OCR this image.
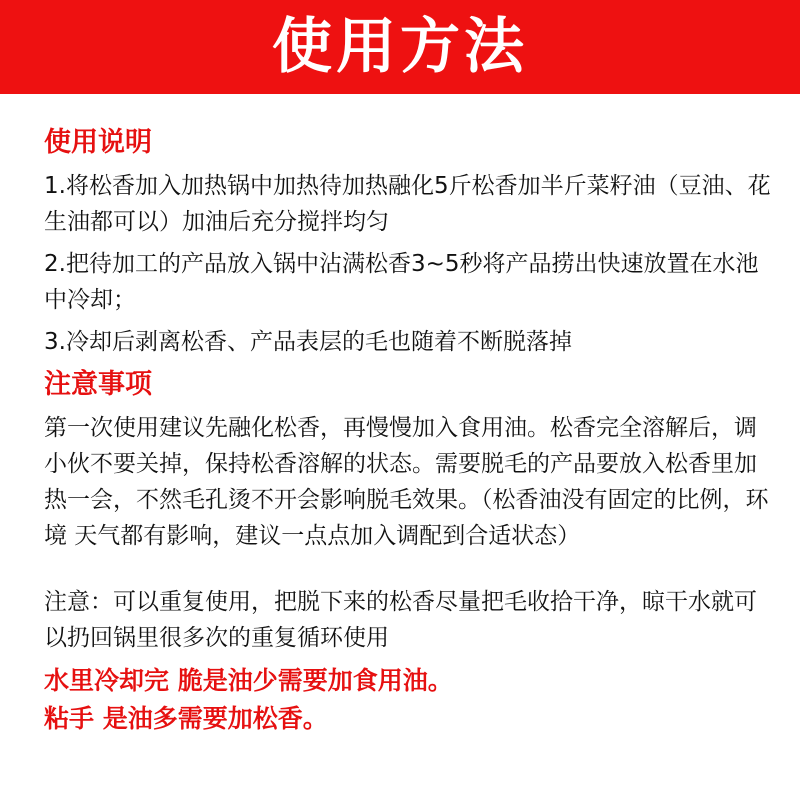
使用方法
使用说明

1.将松香加入加热锅中加热待加热融化5斤松香加半斤菜籽油（豆油、花生油都可以）加油后充分搅拌均匀

2.把待加工的产品放入锅中沾满松香3~5秒将产品捞出快速放置在水池中冷却；

3.冷却后剥离松香、产品表层的毛也随着不断脱落掉

注意事项

第一次使用建议先融化松香，再慢慢加入食用油。松香完全溶解后，调小伙不要关掉，保持松香溶解的状态。需要脱毛的产品要放入松香里加热一会，不然毛孔烫不开会影响脱毛效果。（松香油没有固定的比例，环境 天气都有影响，建议一点点加入调配到合适状态）

注意：可以重复使用，把脱下来的松香尽量把毛收拾干净，晾干水就可以扔回锅里很多次的重复循环使用

水里冷却完 脆是油少需要加食用油。
粘手 是油多需要加松香。
